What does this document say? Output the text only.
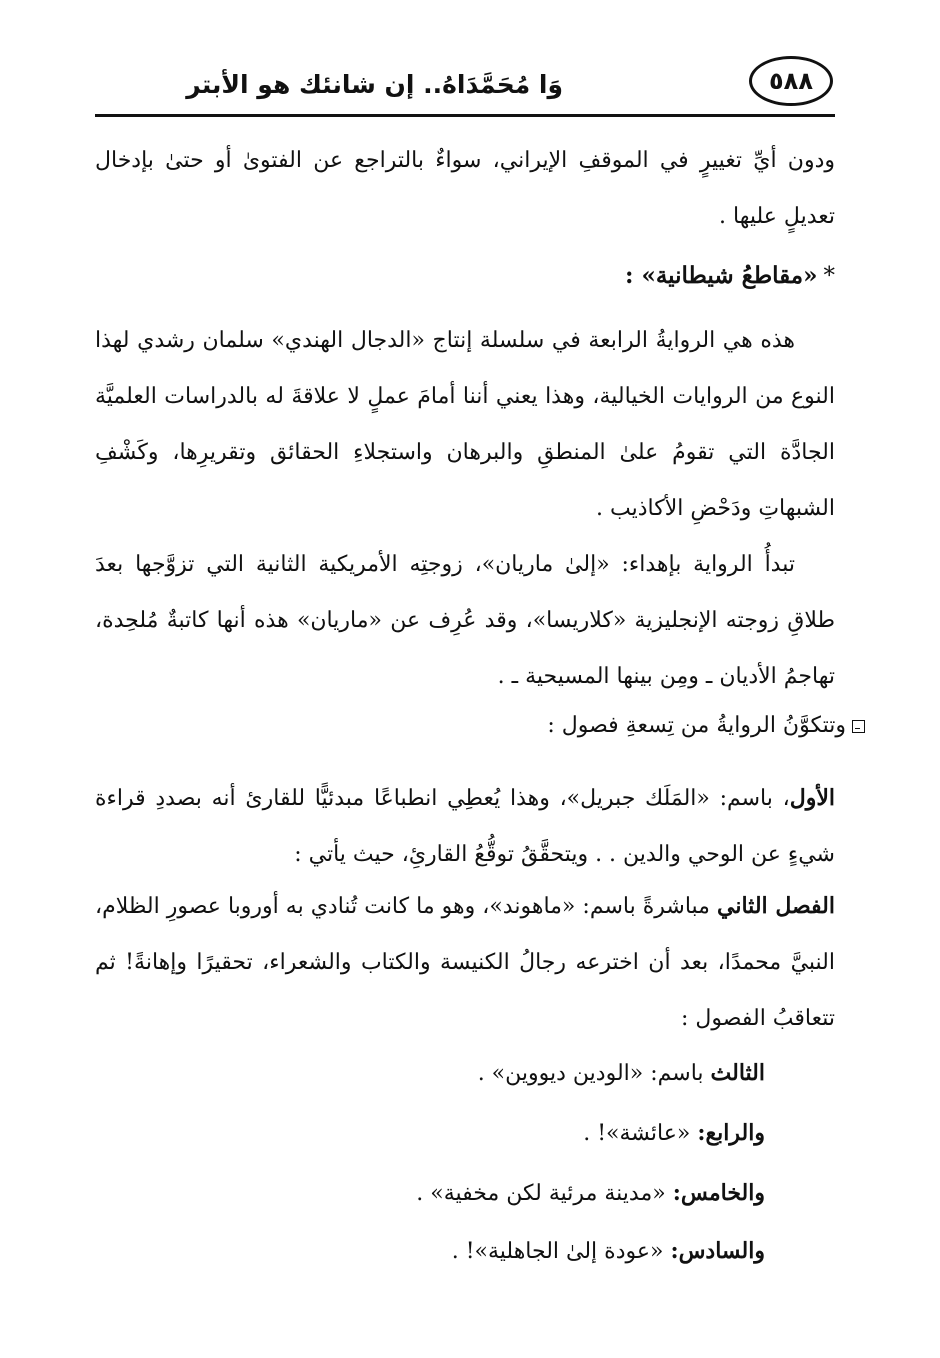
وَا مُحَمَّدَاهُ.. إن شانئك هو الأبتر	٥٨٨
ودون أيِّ تغييرٍ في الموقفِ الإيراني، سواءٌ بالتراجع عن الفتوىٰ أو حتىٰ بإدخال تعديلٍ عليها .
*«مقاطعُ شيطانية» :
هذه هي الروايةُ الرابعة في سلسلة إنتاج «الدجال الهندي» سلمان رشدي لهذا النوع من الروايات الخيالية، وهذا يعني أننا أمامَ عملٍ لا علاقةَ له بالدراسات العلميَّة الجادَّة التي تقومُ علىٰ المنطقِ والبرهان واستجلاءِ الحقائق وتقريرِها، وكَشْفِ الشبهاتِ ودَحْضِ الأكاذيب .
تبدأُ الرواية بإهداء: «إلىٰ ماريان»، زوجتِه الأمريكية الثانية التي تزوَّجها بعدَ طلاقِ زوجته الإنجليزية «كلاريسا»، وقد عُرِف عن «ماريان» هذه أنها كاتبةٌ مُلحِدة، تهاجمُ الأديان ـ ومِن بينها المسيحية ـ .
وتتكوَّنُ الروايةُ من تِسعةِ فصول :
الأول، باسم: «المَلَك جبريل»، وهذا يُعطِي انطباعًا مبدئيًّا للقارئ أنه بصددِ قراءة شيءٍ عن الوحي والدين . . ويتحقَّقُ توقُّعُ القارئِ، حيث يأتي :
الفصل الثاني مباشرةً باسم: «ماهوند»، وهو ما كانت تُنادي به أوروبا عصورِ الظلام، النبيَّ محمدًا، بعد أن اخترعه رجالُ الكنيسة والكتاب والشعراء، تحقيرًا وإهانةً! ثم تتعاقبُ الفصول :
الثالث باسم: «الودين ديووين» .
والرابع: «عائشة»! .
والخامس: «مدينة مرئية لكن مخفية» .
والسادس: «عودة إلىٰ الجاهلية»! .
